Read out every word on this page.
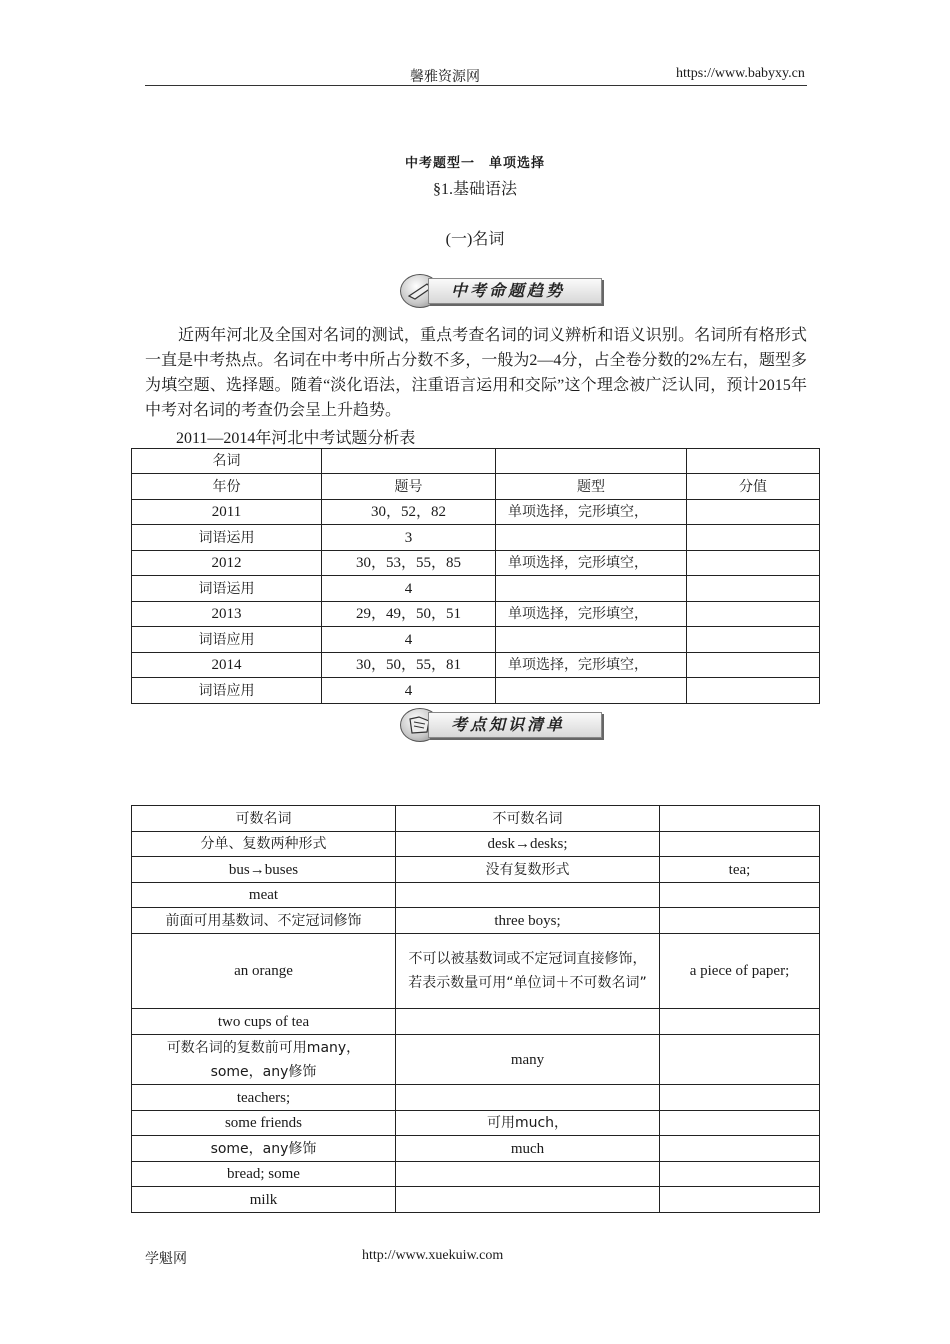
馨雅资源网	https://www.babyxy.cn
中考题型一　单项选择
§1.基础语法
(一)名词
中考命题趋势
近两年河北及全国对名词的测试，重点考查名词的词义辨析和语义识别。名词所有格形式一直是中考热点。名词在中考中所占分数不多，一般为2—4分，占全卷分数的2%左右，题型多为填空题、选择题。随着“淡化语法，注重语言运用和交际”这个理念被广泛认同，预计2015年中考对名词的考查仍会呈上升趋势。
2011—2014年河北中考试题分析表
名词			
年份	题号	题型	分值
2011	30，52，82	单项选择，完形填空，	
词语运用	3		
2012	30，53，55，85	单项选择，完形填空，	
词语运用	4		
2013	29，49，50，51	单项选择，完形填空，	
词语应用	4		
2014	30，50，55，81	单项选择，完形填空，	
词语应用	4		
考点知识清单
可数名词	不可数名词	
分单、复数两种形式	desk→desks;	
bus→buses	没有复数形式	tea;
meat		
前面可用基数词、不定冠词修饰	three boys;	
an orange	不可以被基数词或不定冠词直接修饰，若表示数量可用“单位词＋不可数名词”	a piece of paper;
two cups of tea		
可数名词的复数前可用many，some，any修饰	many	
teachers;		
some friends	可用much，	
some，any修饰	much	
bread; some		
milk		
学魁网	http://www.xuekuiw.com
